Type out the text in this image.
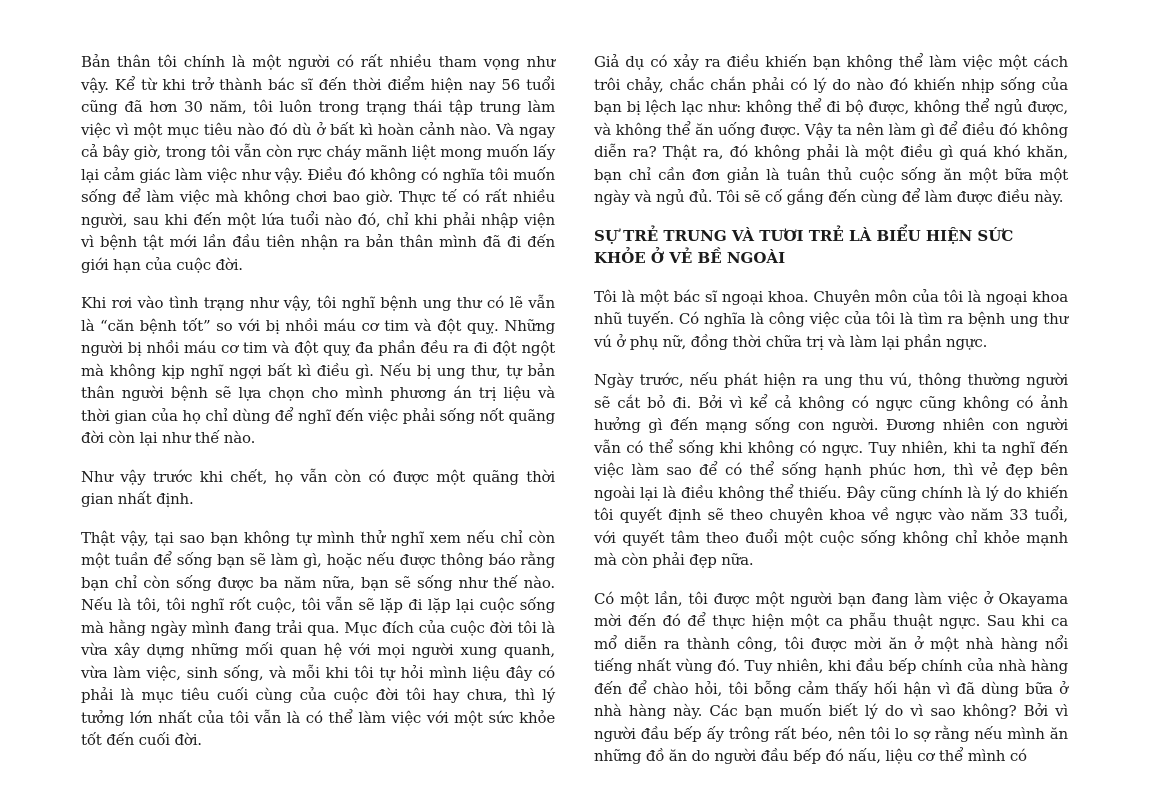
Bản thân tôi chính là một người có rất nhiều tham vọng như vậy. Kể từ khi trở thành bác sĩ đến thời điểm hiện nay 56 tuổi cũng đã hơn 30 năm, tôi luôn trong trạng thái tập trung làm việc vì một mục tiêu nào đó dù ở bất kì hoàn cảnh nào. Và ngay cả bây giờ, trong tôi vẫn còn rực cháy mãnh liệt mong muốn lấy lại cảm giác làm việc như vậy. Điều đó không có nghĩa tôi muốn sống để làm việc mà không chơi bao giờ. Thực tế có rất nhiều người, sau khi đến một lứa tuổi nào đó, chỉ khi phải nhập viện vì bệnh tật mới lần đầu tiên nhận ra bản thân mình đã đi đến giới hạn của cuộc đời.

Khi rơi vào tình trạng như vậy, tôi nghĩ bệnh ung thư có lẽ vẫn là “căn bệnh tốt” so với bị nhồi máu cơ tim và đột quỵ. Những người bị nhồi máu cơ tim và đột quỵ đa phần đều ra đi đột ngột mà không kịp nghĩ ngợi bất kì điều gì. Nếu bị ung thư, tự bản thân người bệnh sẽ lựa chọn cho mình phương án trị liệu và thời gian của họ chỉ dùng để nghĩ đến việc phải sống nốt quãng đời còn lại như thế nào.

Như vậy trước khi chết, họ vẫn còn có được một quãng thời gian nhất định.

Thật vậy, tại sao bạn không tự mình thử nghĩ xem nếu chỉ còn một tuần để sống bạn sẽ làm gì, hoặc nếu được thông báo rằng bạn chỉ còn sống được ba năm nữa, bạn sẽ sống như thế nào. Nếu là tôi, tôi nghĩ rốt cuộc, tôi vẫn sẽ lặp đi lặp lại cuộc sống mà hằng ngày mình đang trải qua. Mục đích của cuộc đời tôi là vừa xây dựng những mối quan hệ với mọi người xung quanh, vừa làm việc, sinh sống, và mỗi khi tôi tự hỏi mình liệu đây có phải là mục tiêu cuối cùng của cuộc đời tôi hay chưa, thì lý tưởng lớn nhất của tôi vẫn là có thể làm việc với một sức khỏe tốt đến cuối đời.

Giả dụ có xảy ra điều khiến bạn không thể làm việc một cách trôi chảy, chắc chắn phải có lý do nào đó khiến nhịp sống của bạn bị lệch lạc như: không thể đi bộ được, không thể ngủ được, và không thể ăn uống được. Vậy ta nên làm gì để điều đó không diễn ra? Thật ra, đó không phải là một điều gì quá khó khăn, bạn chỉ cần đơn giản là tuân thủ cuộc sống ăn một bữa một ngày và ngủ đủ. Tôi sẽ cố gắng đến cùng để làm được điều này.

SỰ TRẺ TRUNG VÀ TƯƠI TRẺ LÀ BIỂU HIỆN SỨC KHỎE Ở VẺ BỀ NGOÀI

Tôi là một bác sĩ ngoại khoa. Chuyên môn của tôi là ngoại khoa nhũ tuyến. Có nghĩa là công việc của tôi là tìm ra bệnh ung thư vú ở phụ nữ, đồng thời chữa trị và làm lại phần ngực.

Ngày trước, nếu phát hiện ra ung thu vú, thông thường người sẽ cắt bỏ đi. Bởi vì kể cả không có ngực cũng không có ảnh hưởng gì đến mạng sống con người. Đương nhiên con người vẫn có thể sống khi không có ngực. Tuy nhiên, khi ta nghĩ đến việc làm sao để có thể sống hạnh phúc hơn, thì vẻ đẹp bên ngoài lại là điều không thể thiếu. Đây cũng chính là lý do khiến tôi quyết định sẽ theo chuyên khoa về ngực vào năm 33 tuổi, với quyết tâm theo đuổi một cuộc sống không chỉ khỏe mạnh mà còn phải đẹp nữa.

Có một lần, tôi được một người bạn đang làm việc ở Okayama mời đến đó để thực hiện một ca phẫu thuật ngực. Sau khi ca mổ diễn ra thành công, tôi được mời ăn ở một nhà hàng nổi tiếng nhất vùng đó. Tuy nhiên, khi đầu bếp chính của nhà hàng đến để chào hỏi, tôi bỗng cảm thấy hối hận vì đã dùng bữa ở nhà hàng này. Các bạn muốn biết lý do vì sao không? Bởi vì người đầu bếp ấy trông rất béo, nên tôi lo sợ rằng nếu mình ăn những đồ ăn do người đầu bếp đó nấu, liệu cơ thể mình có
